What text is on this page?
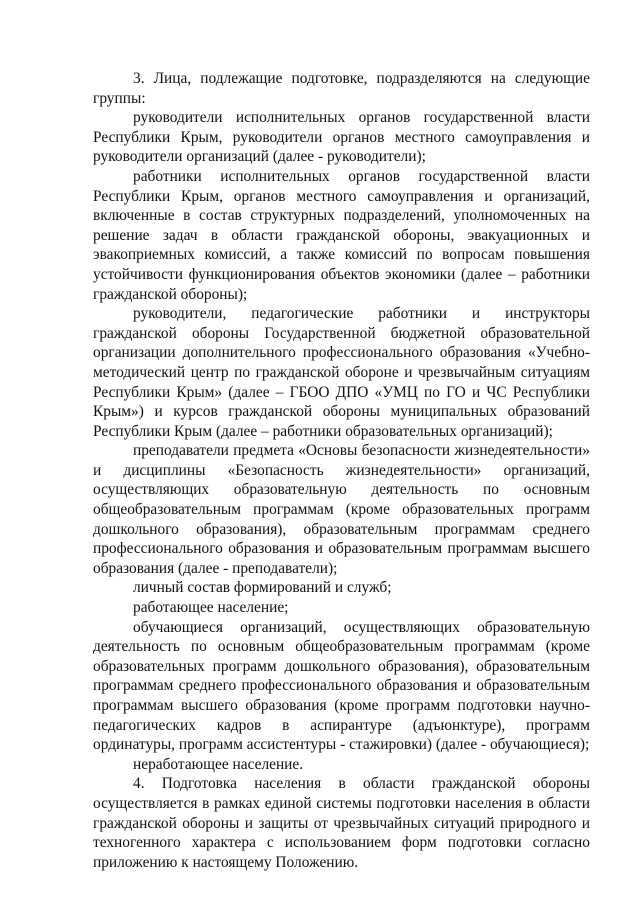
3. Лица, подлежащие подготовке, подразделяются на следующие группы:

руководители исполнительных органов государственной власти Республики Крым, руководители органов местного самоуправления и руководители организаций (далее - руководители);

работники исполнительных органов государственной власти Республики Крым, органов местного самоуправления и организаций, включенные в состав структурных подразделений, уполномоченных на решение задач в области гражданской обороны, эвакуационных и эвакоприемных комиссий, а также комиссий по вопросам повышения устойчивости функционирования объектов экономики (далее – работники гражданской обороны);

руководители, педагогические работники и инструкторы гражданской обороны Государственной бюджетной образовательной организации дополнительного профессионального образования «Учебно-методический центр по гражданской обороне и чрезвычайным ситуациям Республики Крым» (далее – ГБОО ДПО «УМЦ по ГО и ЧС Республики Крым») и курсов гражданской обороны муниципальных образований Республики Крым (далее – работники образовательных организаций);

преподаватели предмета «Основы безопасности жизнедеятельности» и дисциплины «Безопасность жизнедеятельности» организаций, осуществляющих образовательную деятельность по основным общеобразовательным программам (кроме образовательных программ дошкольного образования), образовательным программам среднего профессионального образования и образовательным программам высшего образования (далее - преподаватели);

личный состав формирований и служб;

работающее население;

обучающиеся организаций, осуществляющих образовательную деятельность по основным общеобразовательным программам (кроме образовательных программ дошкольного образования), образовательным программам среднего профессионального образования и образовательным программам высшего образования (кроме программ подготовки научно-педагогических кадров в аспирантуре (адъюнктуре), программ ординатуры, программ ассистентуры - стажировки) (далее - обучающиеся);

неработающее население.

4. Подготовка населения в области гражданской обороны осуществляется в рамках единой системы подготовки населения в области гражданской обороны и защиты от чрезвычайных ситуаций природного и техногенного характера с использованием форм подготовки согласно приложению к настоящему Положению.
